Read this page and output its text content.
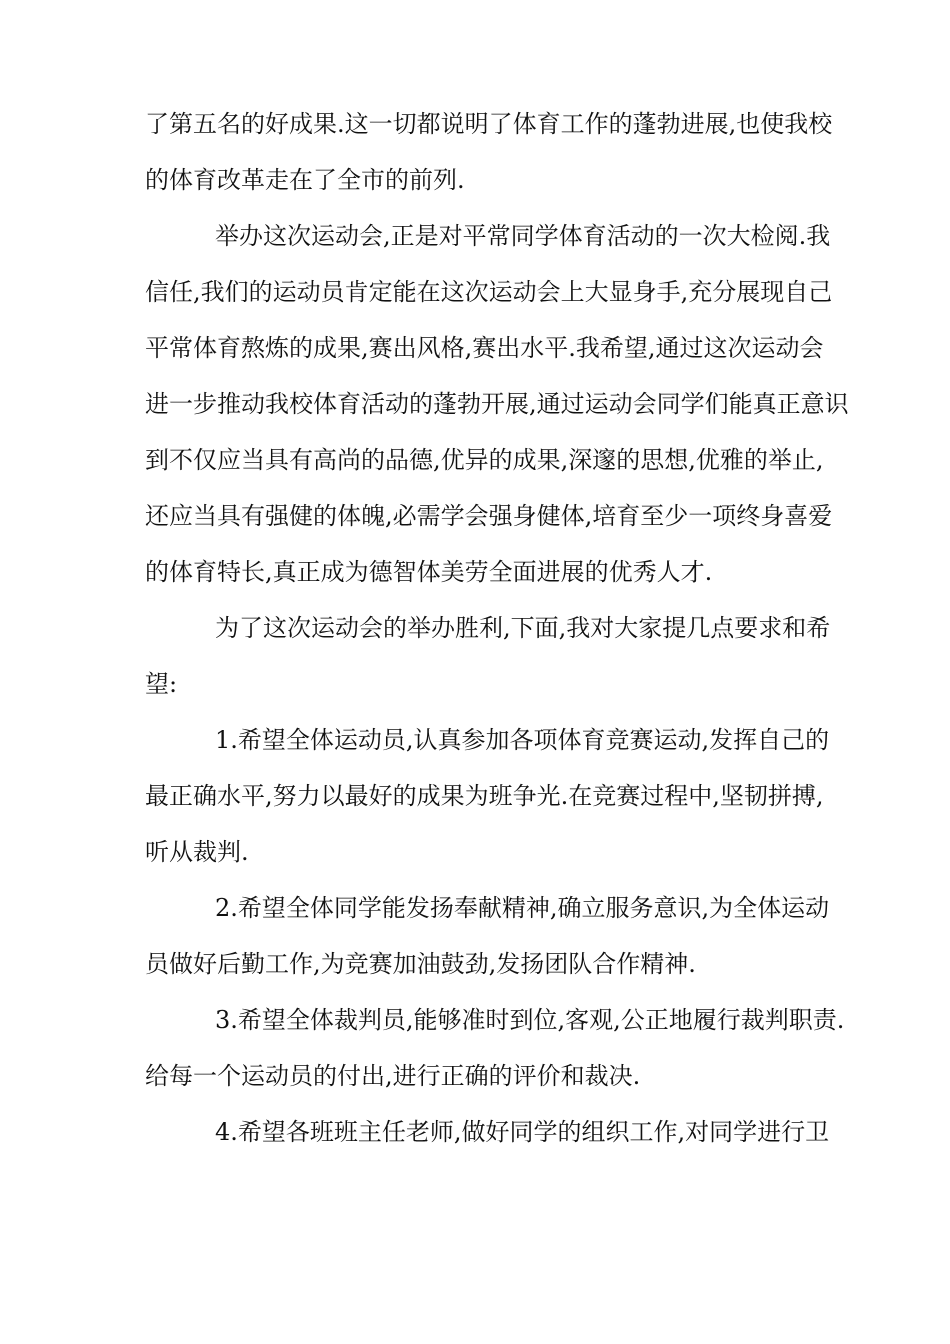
了第五名的好成果.这一切都说明了体育工作的蓬勃进展,也使我校
的体育改革走在了全市的前列.
举办这次运动会,正是对平常同学体育活动的一次大检阅.我
信任,我们的运动员肯定能在这次运动会上大显身手,充分展现自己
平常体育熬炼的成果,赛出风格,赛出水平.我希望,通过这次运动会
进一步推动我校体育活动的蓬勃开展,通过运动会同学们能真正意识
到不仅应当具有高尚的品德,优异的成果,深邃的思想,优雅的举止,
还应当具有强健的体魄,必需学会强身健体,培育至少一项终身喜爱
的体育特长,真正成为德智体美劳全面进展的优秀人才.
为了这次运动会的举办胜利,下面,我对大家提几点要求和希
望:
1.希望全体运动员,认真参加各项体育竞赛运动,发挥自己的
最正确水平,努力以最好的成果为班争光.在竞赛过程中,坚韧拼搏,
听从裁判.
2.希望全体同学能发扬奉献精神,确立服务意识,为全体运动
员做好后勤工作,为竞赛加油鼓劲,发扬团队合作精神.
3.希望全体裁判员,能够准时到位,客观,公正地履行裁判职责.
给每一个运动员的付出,进行正确的评价和裁决.
4.希望各班班主任老师,做好同学的组织工作,对同学进行卫
